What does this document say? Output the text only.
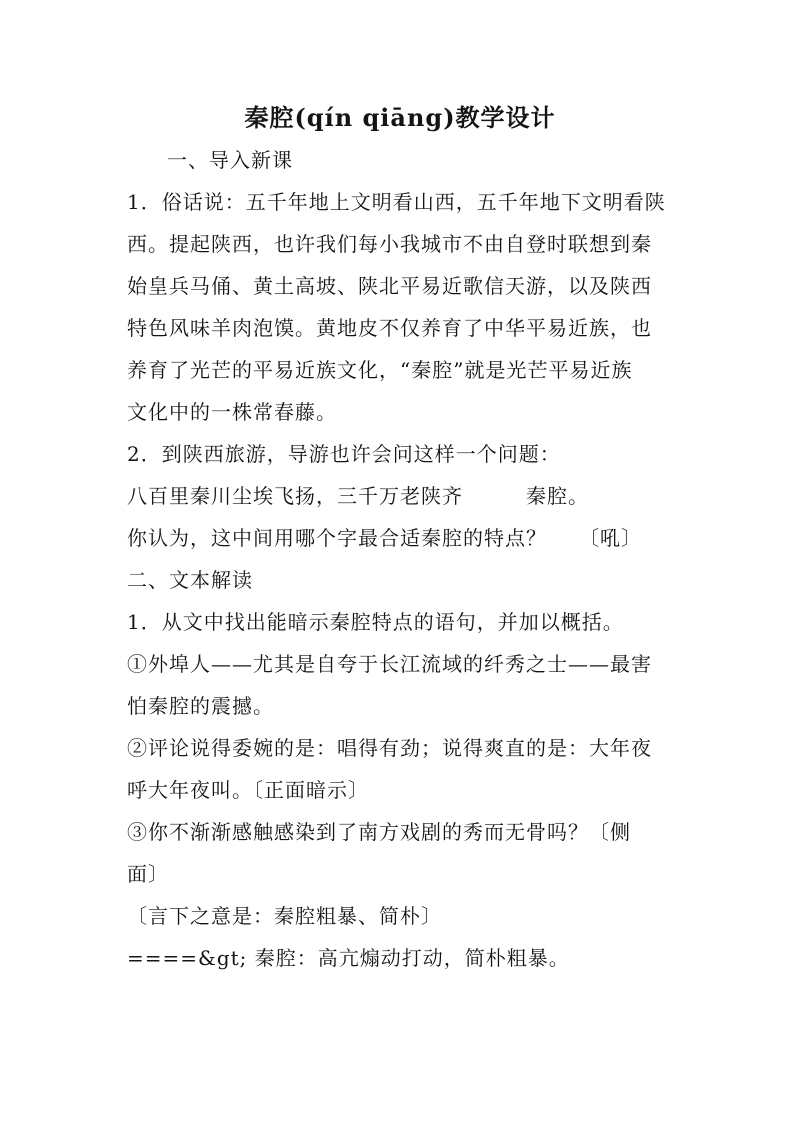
秦腔(qín qiāng)教学设计
一、导入新课
1．俗话说：五千年地上文明看山西，五千年地下文明看陕
西。提起陕西，也许我们每小我城市不由自登时联想到秦
始皇兵马俑、黄土高坡、陕北平易近歌信天游，以及陕西
特色风味羊肉泡馍。黄地皮不仅养育了中华平易近族，也
养育了光芒的平易近族文化，“秦腔”就是光芒平易近族
文化中的一株常春藤。
2．到陕西旅游，导游也许会问这样一个问题：
八百里秦川尘埃飞扬，三千万老陕齐　　　秦腔。
你认为，这中间用哪个字最合适秦腔的特点？　　〔吼〕
二、文本解读
1．从文中找出能暗示秦腔特点的语句，并加以概括。
①外埠人——尤其是自夸于长江流域的纤秀之士——最害
怕秦腔的震撼。
②评论说得委婉的是：唱得有劲；说得爽直的是：大年夜
呼大年夜叫。〔正面暗示〕
③你不渐渐感触感染到了南方戏剧的秀而无骨吗？〔侧
面〕
〔言下之意是：秦腔粗暴、简朴〕
====&gt; 秦腔：高亢煽动打动，简朴粗暴。
